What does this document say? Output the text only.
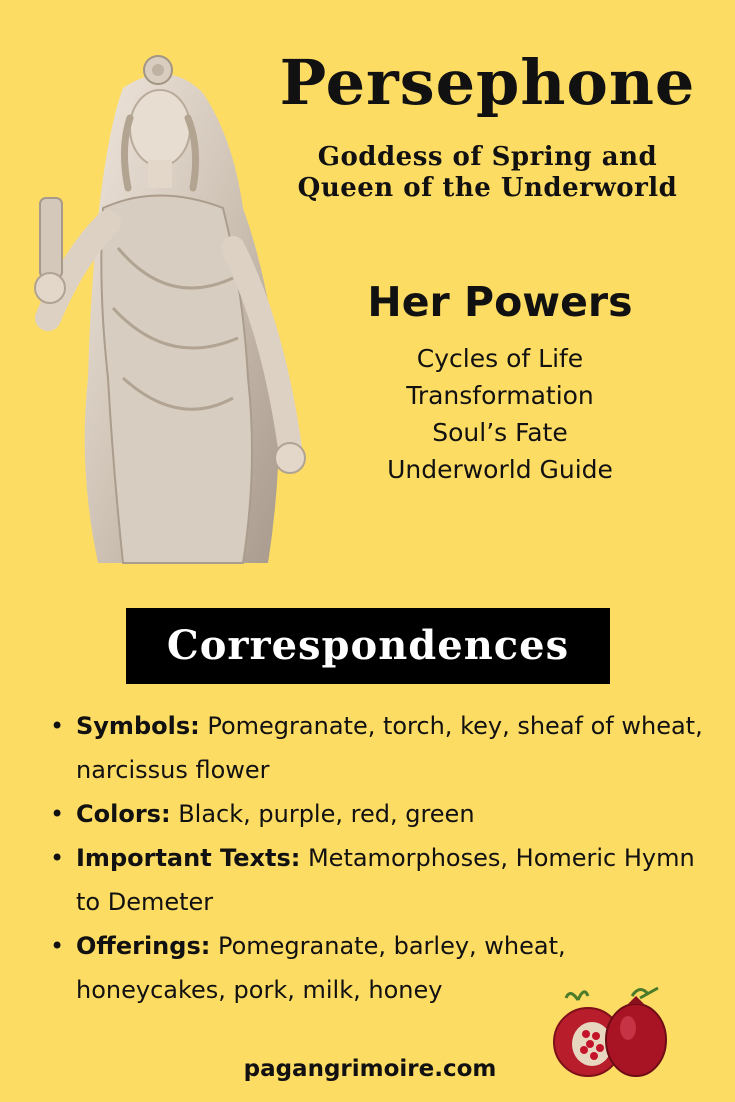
Persephone
Goddess of Spring and
Queen of the Underworld
Her Powers
Cycles of Life
Transformation
Soul’s Fate
Underworld Guide
Correspondences
• Symbols: Pomegranate, torch, key, sheaf of wheat, narcissus flower
• Colors: Black, purple, red, green
• Important Texts: Metamorphoses, Homeric Hymn to Demeter
• Offerings: Pomegranate, barley, wheat, honeycakes, pork, milk, honey
pagangrimoire.com
